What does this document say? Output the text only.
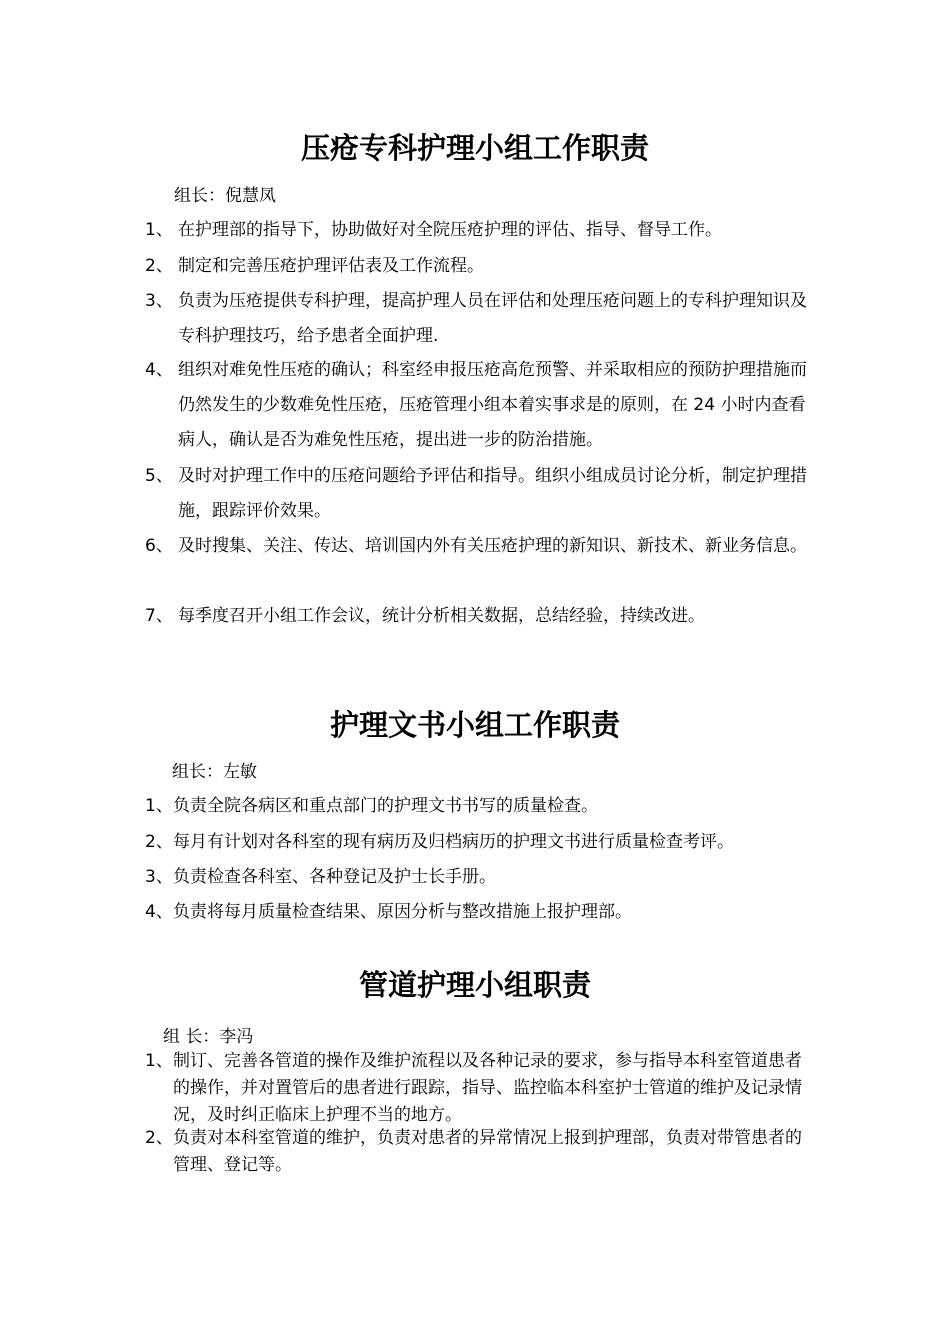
压疮专科护理小组工作职责
组长：倪慧凤
1、 在护理部的指导下，协助做好对全院压疮护理的评估、指导、督导工作。
2、 制定和完善压疮护理评估表及工作流程。
3、 负责为压疮提供专科护理，提高护理人员在评估和处理压疮问题上的专科护理知识及专科护理技巧，给予患者全面护理.
4、 组织对难免性压疮的确认；科室经申报压疮高危预警、并采取相应的预防护理措施而仍然发生的少数难免性压疮，压疮管理小组本着实事求是的原则，在 24 小时内查看病人，确认是否为难免性压疮，提出进一步的防治措施。
5、 及时对护理工作中的压疮问题给予评估和指导。组织小组成员讨论分析，制定护理措施，跟踪评价效果。
6、 及时搜集、关注、传达、培训国内外有关压疮护理的新知识、新技术、新业务信息。
7、 每季度召开小组工作会议，统计分析相关数据，总结经验，持续改进。
护理文书小组工作职责
组长：左敏
1、 负责全院各病区和重点部门的护理文书书写的质量检查。
2、 每月有计划对各科室的现有病历及归档病历的护理文书进行质量检查考评。
3、 负责检查各科室、各种登记及护士长手册。
4、 负责将每月质量检查结果、原因分析与整改措施上报护理部。
管道护理小组职责
组 长：李冯
1、 制订、完善各管道的操作及维护流程以及各种记录的要求，参与指导本科室管道患者的操作，并对置管后的患者进行跟踪，指导、监控临本科室护士管道的维护及记录情况，及时纠正临床上护理不当的地方。
2、 负责对本科室管道的维护，负责对患者的异常情况上报到护理部，负责对带管患者的管理、登记等。
